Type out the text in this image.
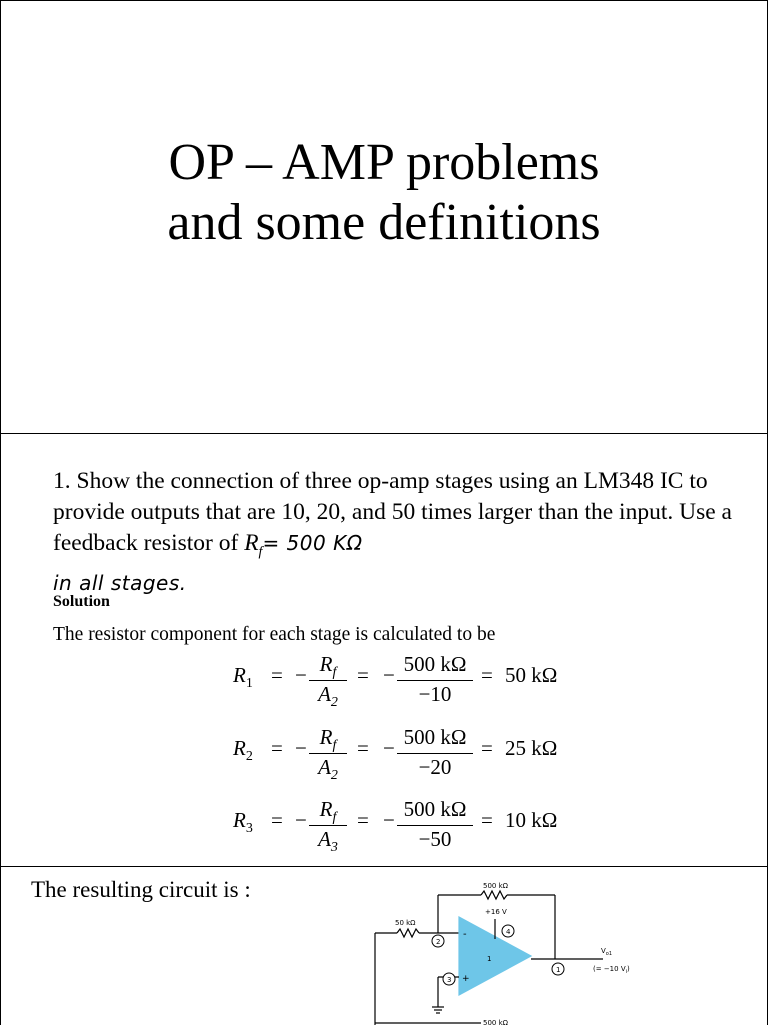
OP – AMP problems
and some definitions
1. Show the connection of three op-amp stages using an LM348 IC to provide outputs that are 10, 20, and 50 times larger than the input. Use a feedback resistor of $R_f= 500$ KΩ
in all stages.
Solution
The resistor component for each stage is calculated to be
$R_1$ = − $R_f$
$A_2$
= − 500 kΩ
−10
= 50 kΩ
$R_2$ = − $R_f$
$A_2$
= − 500 kΩ
−20
= 25 kΩ
$R_3$ = − $R_f$
$A_3$
= − 500 kΩ
−50
= 10 kΩ
The resulting circuit is :	500 kΩ
50 kΩ
+16 V
2
3
4
1
1
-
+
$V_{o1}$
(= −10 $V_i$)
500 kΩ
